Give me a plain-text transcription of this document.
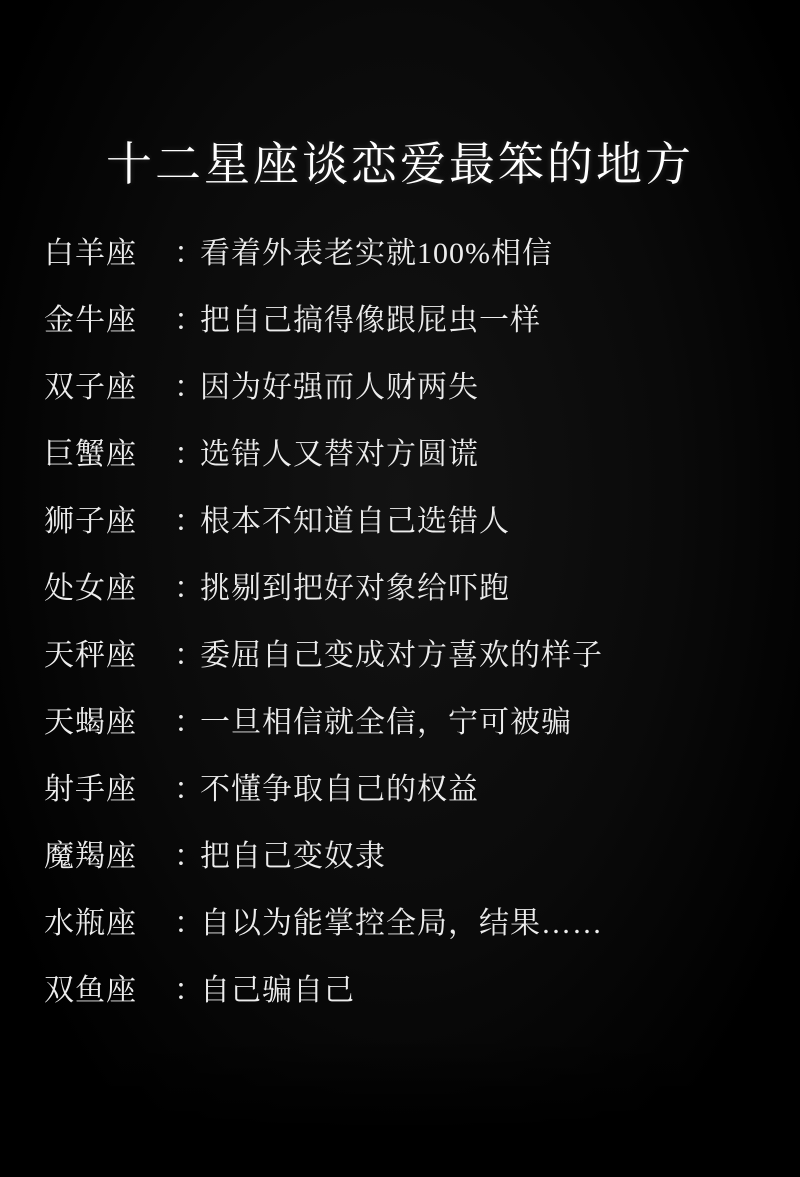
十二星座谈恋爱最笨的地方
白羊座	：
看着外表老实就100%相信
金牛座	：
把自己搞得像跟屁虫一样
双子座	：
因为好强而人财两失
巨蟹座	：
选错人又替对方圆谎
狮子座	：
根本不知道自己选错人
处女座	：
挑剔到把好对象给吓跑
天秤座	：
委屈自己变成对方喜欢的样子
天蝎座	：
一旦相信就全信，宁可被骗
射手座	：
不懂争取自己的权益
魔羯座	：
把自己变奴隶
水瓶座	：
自以为能掌控全局，结果……
双鱼座	：
自己骗自己
